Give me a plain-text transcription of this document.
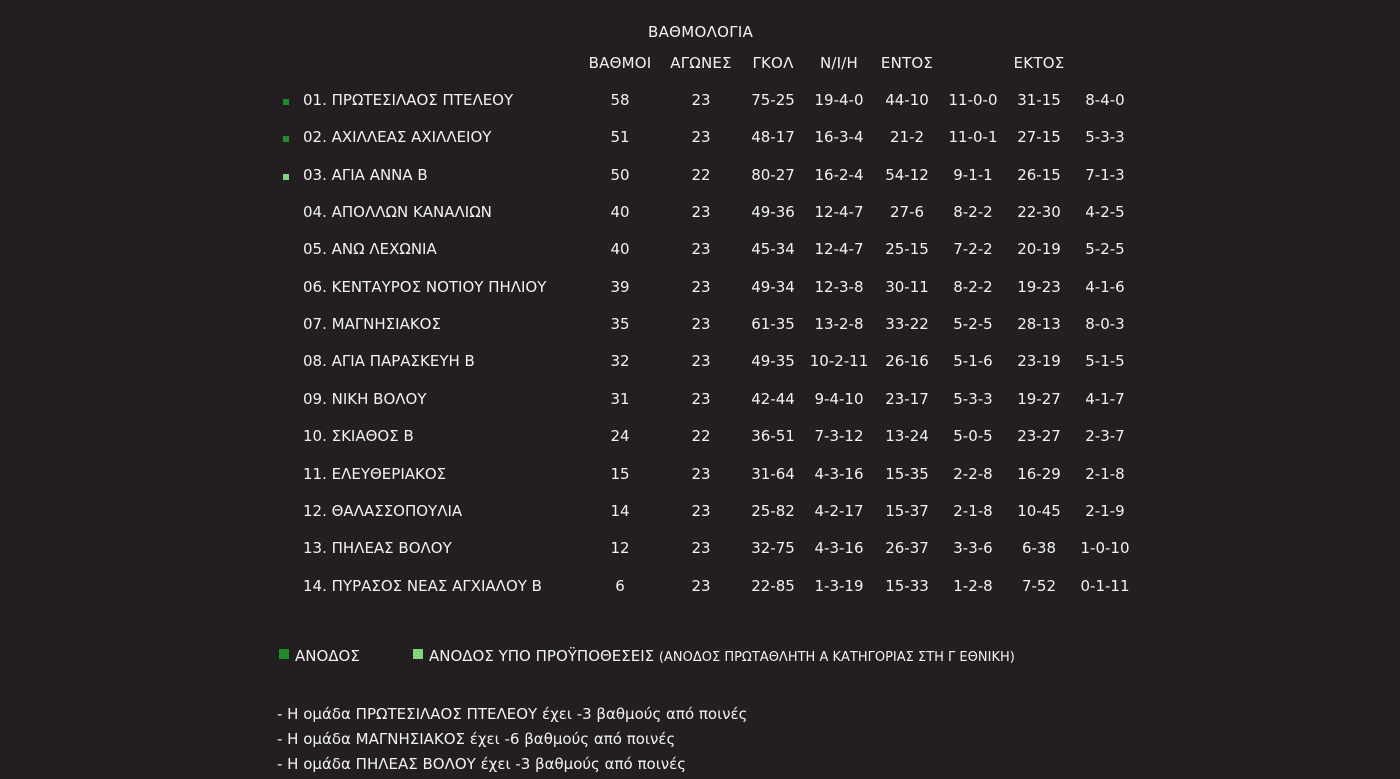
ΒΑΘΜΟΛΟΓΙΑ
ΒΑΘΜΟΙ ΑΓΩΝΕΣ ΓΚΟΛ Ν/Ι/Η ΕΝΤΟΣ	ΕΚΤΟΣ
01. ΠΡΩΤΕΣΙΛΑΟΣ ΠΤΕΛΕΟΥ	58	23	75-25 19-4-0 44-10 11-0-0 31-15 8-4-0
02. ΑΧΙΛΛΕΑΣ ΑΧΙΛΛΕΙΟΥ	51	23	48-17 16-3-4 21-2 11-0-1 27-15 5-3-3
03. ΑΓΙΑ ΑΝΝΑ Β	50	22	80-27 16-2-4 54-12 9-1-1 26-15 7-1-3
04. ΑΠΟΛΛΩΝ ΚΑΝΑΛΙΩΝ	40	23	49-36 12-4-7 27-6 8-2-2 22-30 4-2-5
05. ΑΝΩ ΛΕΧΩΝΙΑ	40	23	45-34 12-4-7 25-15 7-2-2 20-19 5-2-5
06. ΚΕΝΤΑΥΡΟΣ ΝΟΤΙΟΥ ΠΗΛΙΟΥ	39	23	49-34 12-3-8 30-11 8-2-2 19-23 4-1-6
07. ΜΑΓΝΗΣΙΑΚΟΣ	35	23	61-35 13-2-8 33-22 5-2-5 28-13 8-0-3
08. ΑΓΙΑ ΠΑΡΑΣΚΕΥΗ Β	32	23	49-35 10-2-11 26-16 5-1-6 23-19 5-1-5
09. ΝΙΚΗ ΒΟΛΟΥ	31	23	42-44 9-4-10 23-17 5-3-3 19-27 4-1-7
10. ΣΚΙΑΘΟΣ Β	24	22	36-51 7-3-12 13-24 5-0-5 23-27 2-3-7
11. ΕΛΕΥΘΕΡΙΑΚΟΣ	15	23	31-64 4-3-16 15-35 2-2-8 16-29 2-1-8
12. ΘΑΛΑΣΣΟΠΟΥΛΙΑ	14	23	25-82 4-2-17 15-37 2-1-8 10-45 2-1-9
13. ΠΗΛΕΑΣ ΒΟΛΟΥ	12	23	32-75 4-3-16 26-37 3-3-6 6-38 1-0-10
14. ΠΥΡΑΣΟΣ ΝΕΑΣ ΑΓΧΙΑΛΟΥ Β	6	23	22-85 1-3-19 15-33 1-2-8 7-52 0-1-11
ΑΝΟΔΟΣ	ΑΝΟΔΟΣ ΥΠΟ ΠΡΟΫΠΟΘΕΣΕΙΣ (ΑΝΟΔΟΣ ΠΡΩΤΑΘΛΗΤΗ Α ΚΑΤΗΓΟΡΙΑΣ ΣΤΗ Γ ΕΘΝΙΚΗ)
- Η ομάδα ΠΡΩΤΕΣΙΛΑΟΣ ΠΤΕΛΕΟΥ έχει -3 βαθμούς από ποινές
- Η ομάδα ΜΑΓΝΗΣΙΑΚΟΣ έχει -6 βαθμούς από ποινές
- Η ομάδα ΠΗΛΕΑΣ ΒΟΛΟΥ έχει -3 βαθμούς από ποινές
